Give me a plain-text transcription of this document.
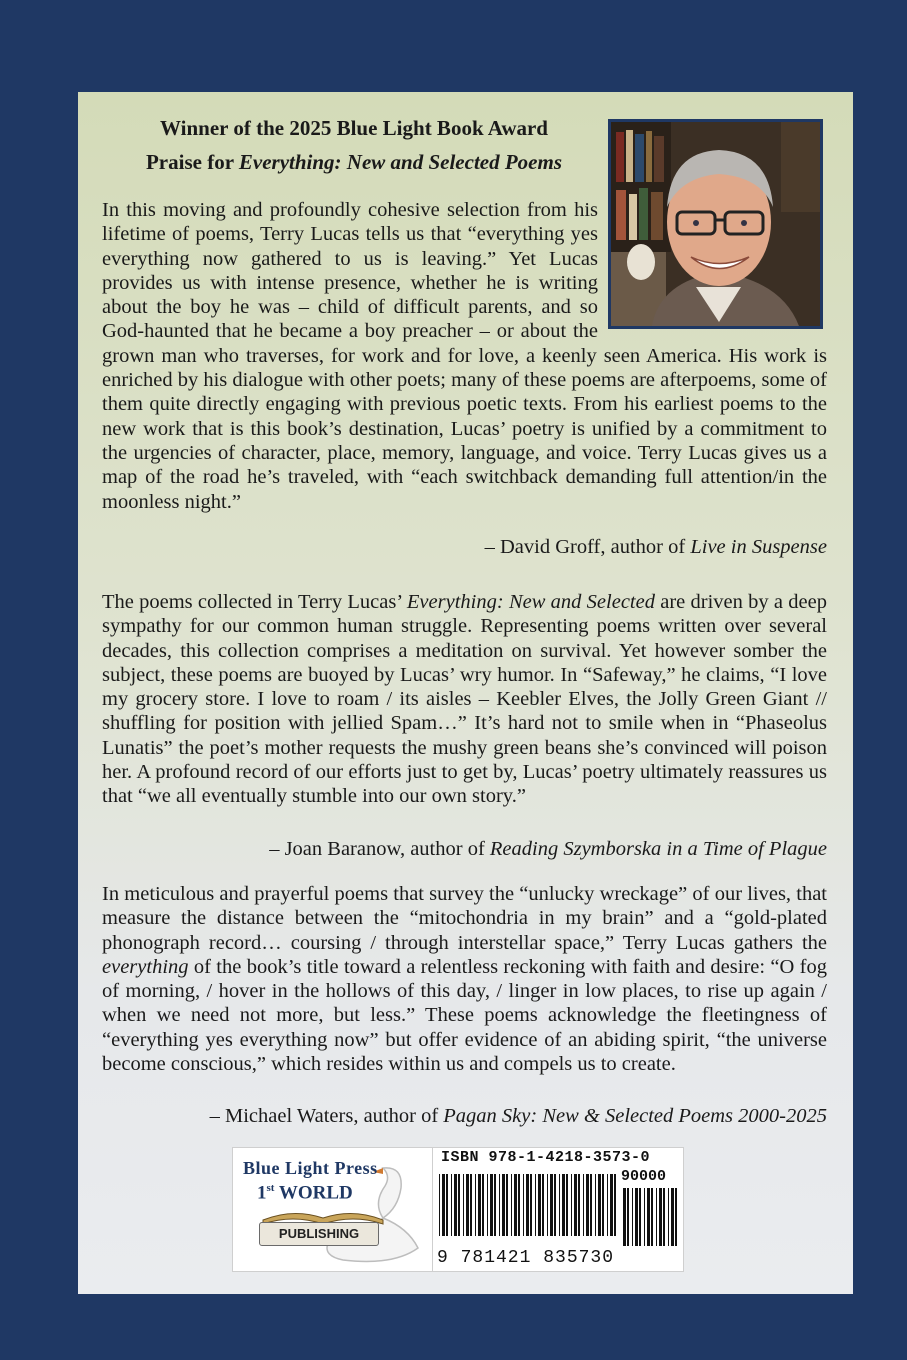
Winner of the 2025 Blue Light Book Award
Praise for Everything: New and Selected Poems

In this moving and profoundly cohesive selection from his lifetime of poems, Terry Lucas tells us that “everything yes everything now gathered to us is leaving.” Yet Lucas provides us with intense presence, whether he is writing about the boy he was – child of difficult parents, and so God-haunted that he became a boy preacher – or about the grown man who traverses, for work and for love, a keenly seen America. His work is enriched by his dialogue with other poets; many of these poems are afterpoems, some of them quite directly engaging with previous poetic texts. From his earliest poems to the new work that is this book’s destination, Lucas’ poetry is unified by a commitment to the urgencies of character, place, memory, language, and voice. Terry Lucas gives us a map of the road he’s traveled, with “each switchback demanding full attention/in the moonless night.”

– David Groff, author of Live in Suspense

The poems collected in Terry Lucas’ Everything: New and Selected are driven by a deep sympathy for our common human struggle. Representing poems written over several decades, this collection comprises a meditation on survival. Yet however somber the subject, these poems are buoyed by Lucas’ wry humor. In “Safeway,” he claims, “I love my grocery store. I love to roam / its aisles – Keebler Elves, the Jolly Green Giant // shuffling for position with jellied Spam…” It’s hard not to smile when in “Phaseolus Lunatis” the poet’s mother requests the mushy green beans she’s convinced will poison her. A profound record of our efforts just to get by, Lucas’ poetry ultimately reassures us that “we all eventually stumble into our own story.”

– Joan Baranow, author of Reading Szymborska in a Time of Plague

In meticulous and prayerful poems that survey the “unlucky wreckage” of our lives, that measure the distance between the “mitochondria in my brain” and a “gold-plated phonograph record… coursing / through interstellar space,” Terry Lucas gathers the everything of the book’s title toward a relentless reckoning with faith and desire: “O fog of morning, / hover in the hollows of this day, / linger in low places, to rise up again / when we need not more, but less.” These poems acknowledge the fleetingness of “everything yes everything now” but offer evidence of an abiding spirit, “the universe become conscious,” which resides within us and compels us to create.

– Michael Waters, author of Pagan Sky: New & Selected Poems 2000-2025

Blue Light Press
1st WORLD
PUBLISHING
ISBN 978-1-4218-3573-0
90000
9 781421 835730
